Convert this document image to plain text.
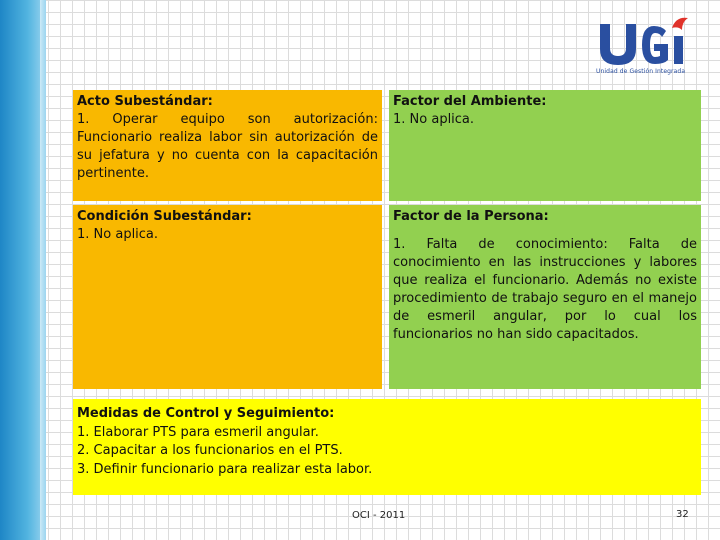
Unidad de Gestión Integrada
Acto Subestándar:
1. Operar equipo son autorización: Funcionario realiza labor sin autorización de su jefatura y no cuenta con la capacitación pertinente.
Factor del Ambiente:
1. No aplica.
Condición Subestándar:
1. No aplica.
Factor de la Persona:
1. Falta de conocimiento: Falta de conocimiento en las instrucciones y labores que realiza el funcionario. Además no existe procedimiento de trabajo seguro en el manejo de esmeril angular, por lo cual los funcionarios no han sido capacitados.
Medidas de Control y Seguimiento:
1. Elaborar PTS para esmeril angular.
2. Capacitar a los funcionarios en el PTS.
3. Definir funcionario para realizar esta labor.
OCI - 2011	32
